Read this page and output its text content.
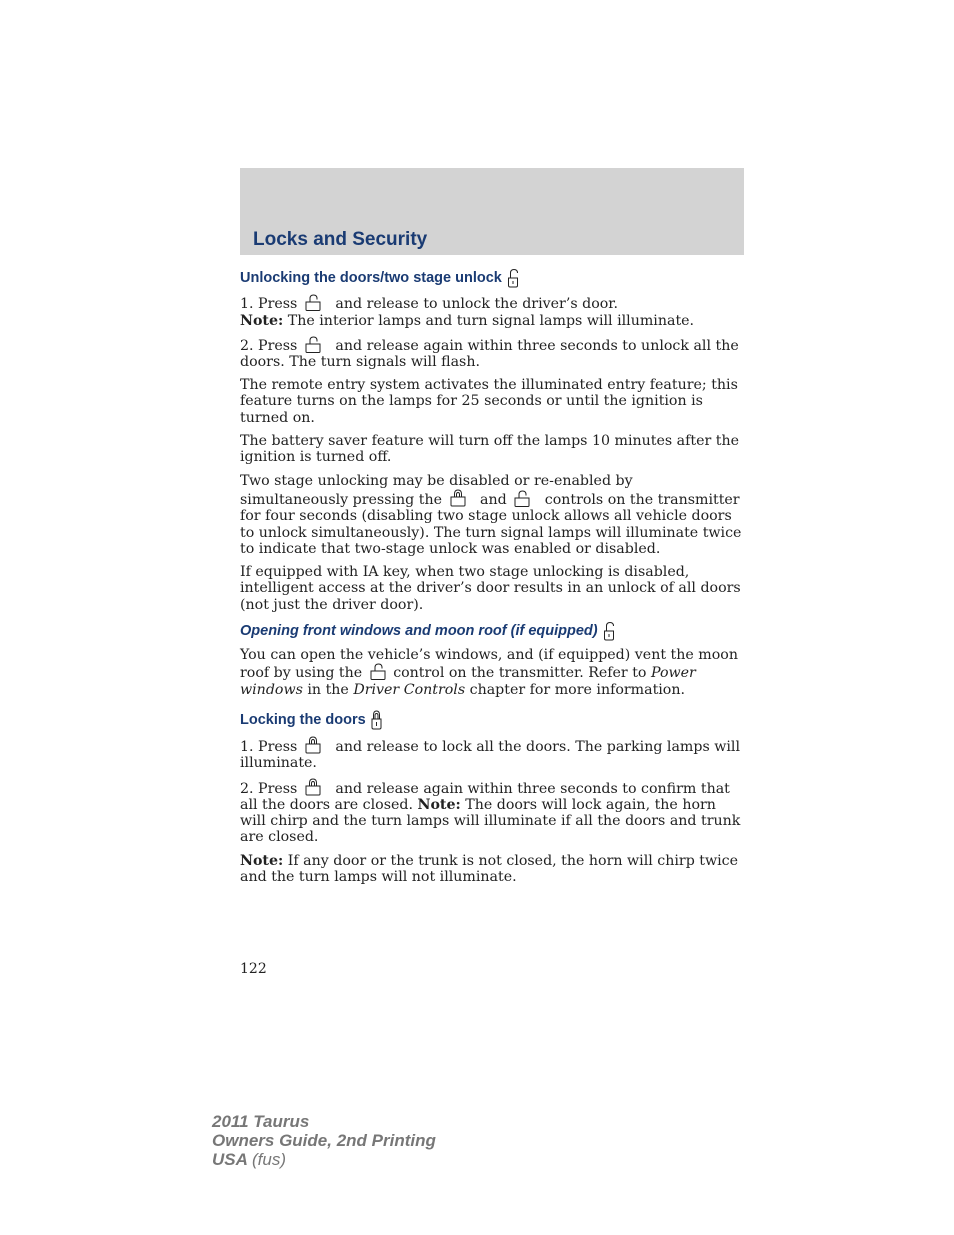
Locks and Security
Unlocking the doors/two stage unlock

1. Press	and release to unlock the driver’s door.

Note: The interior lamps and turn signal lamps will illuminate.

2. Press	and release again within three seconds to unlock all the doors. The turn signals will flash.

The remote entry system activates the illuminated entry feature; this feature turns on the lamps for 25 seconds or until the ignition is turned on.

The battery saver feature will turn off the lamps 10 minutes after the ignition is turned off.

Two stage unlocking may be disabled or re-enabled by simultaneously pressing the	and	controls on the transmitter for four seconds (disabling two stage unlock allows all vehicle doors to unlock simultaneously). The turn signal lamps will illuminate twice to indicate that two-stage unlock was enabled or disabled.

If equipped with IA key, when two stage unlocking is disabled, intelligent access at the driver’s door results in an unlock of all doors (not just the driver door).

Opening front windows and moon roof (if equipped)

You can open the vehicle’s windows, and (if equipped) vent the moon roof by using the control on the transmitter. Refer to Power windows in the Driver Controls chapter for more information.

Locking the doors

1. Press	and release to lock all the doors. The parking lamps will illuminate.

2. Press	and release again within three seconds to confirm that all the doors are closed. Note: The doors will lock again, the horn will chirp and the turn lamps will illuminate if all the doors and trunk are closed.

Note: If any door or the trunk is not closed, the horn will chirp twice and the turn lamps will not illuminate.

122
2011 Taurus
Owners Guide, 2nd Printing
USA (fus)
